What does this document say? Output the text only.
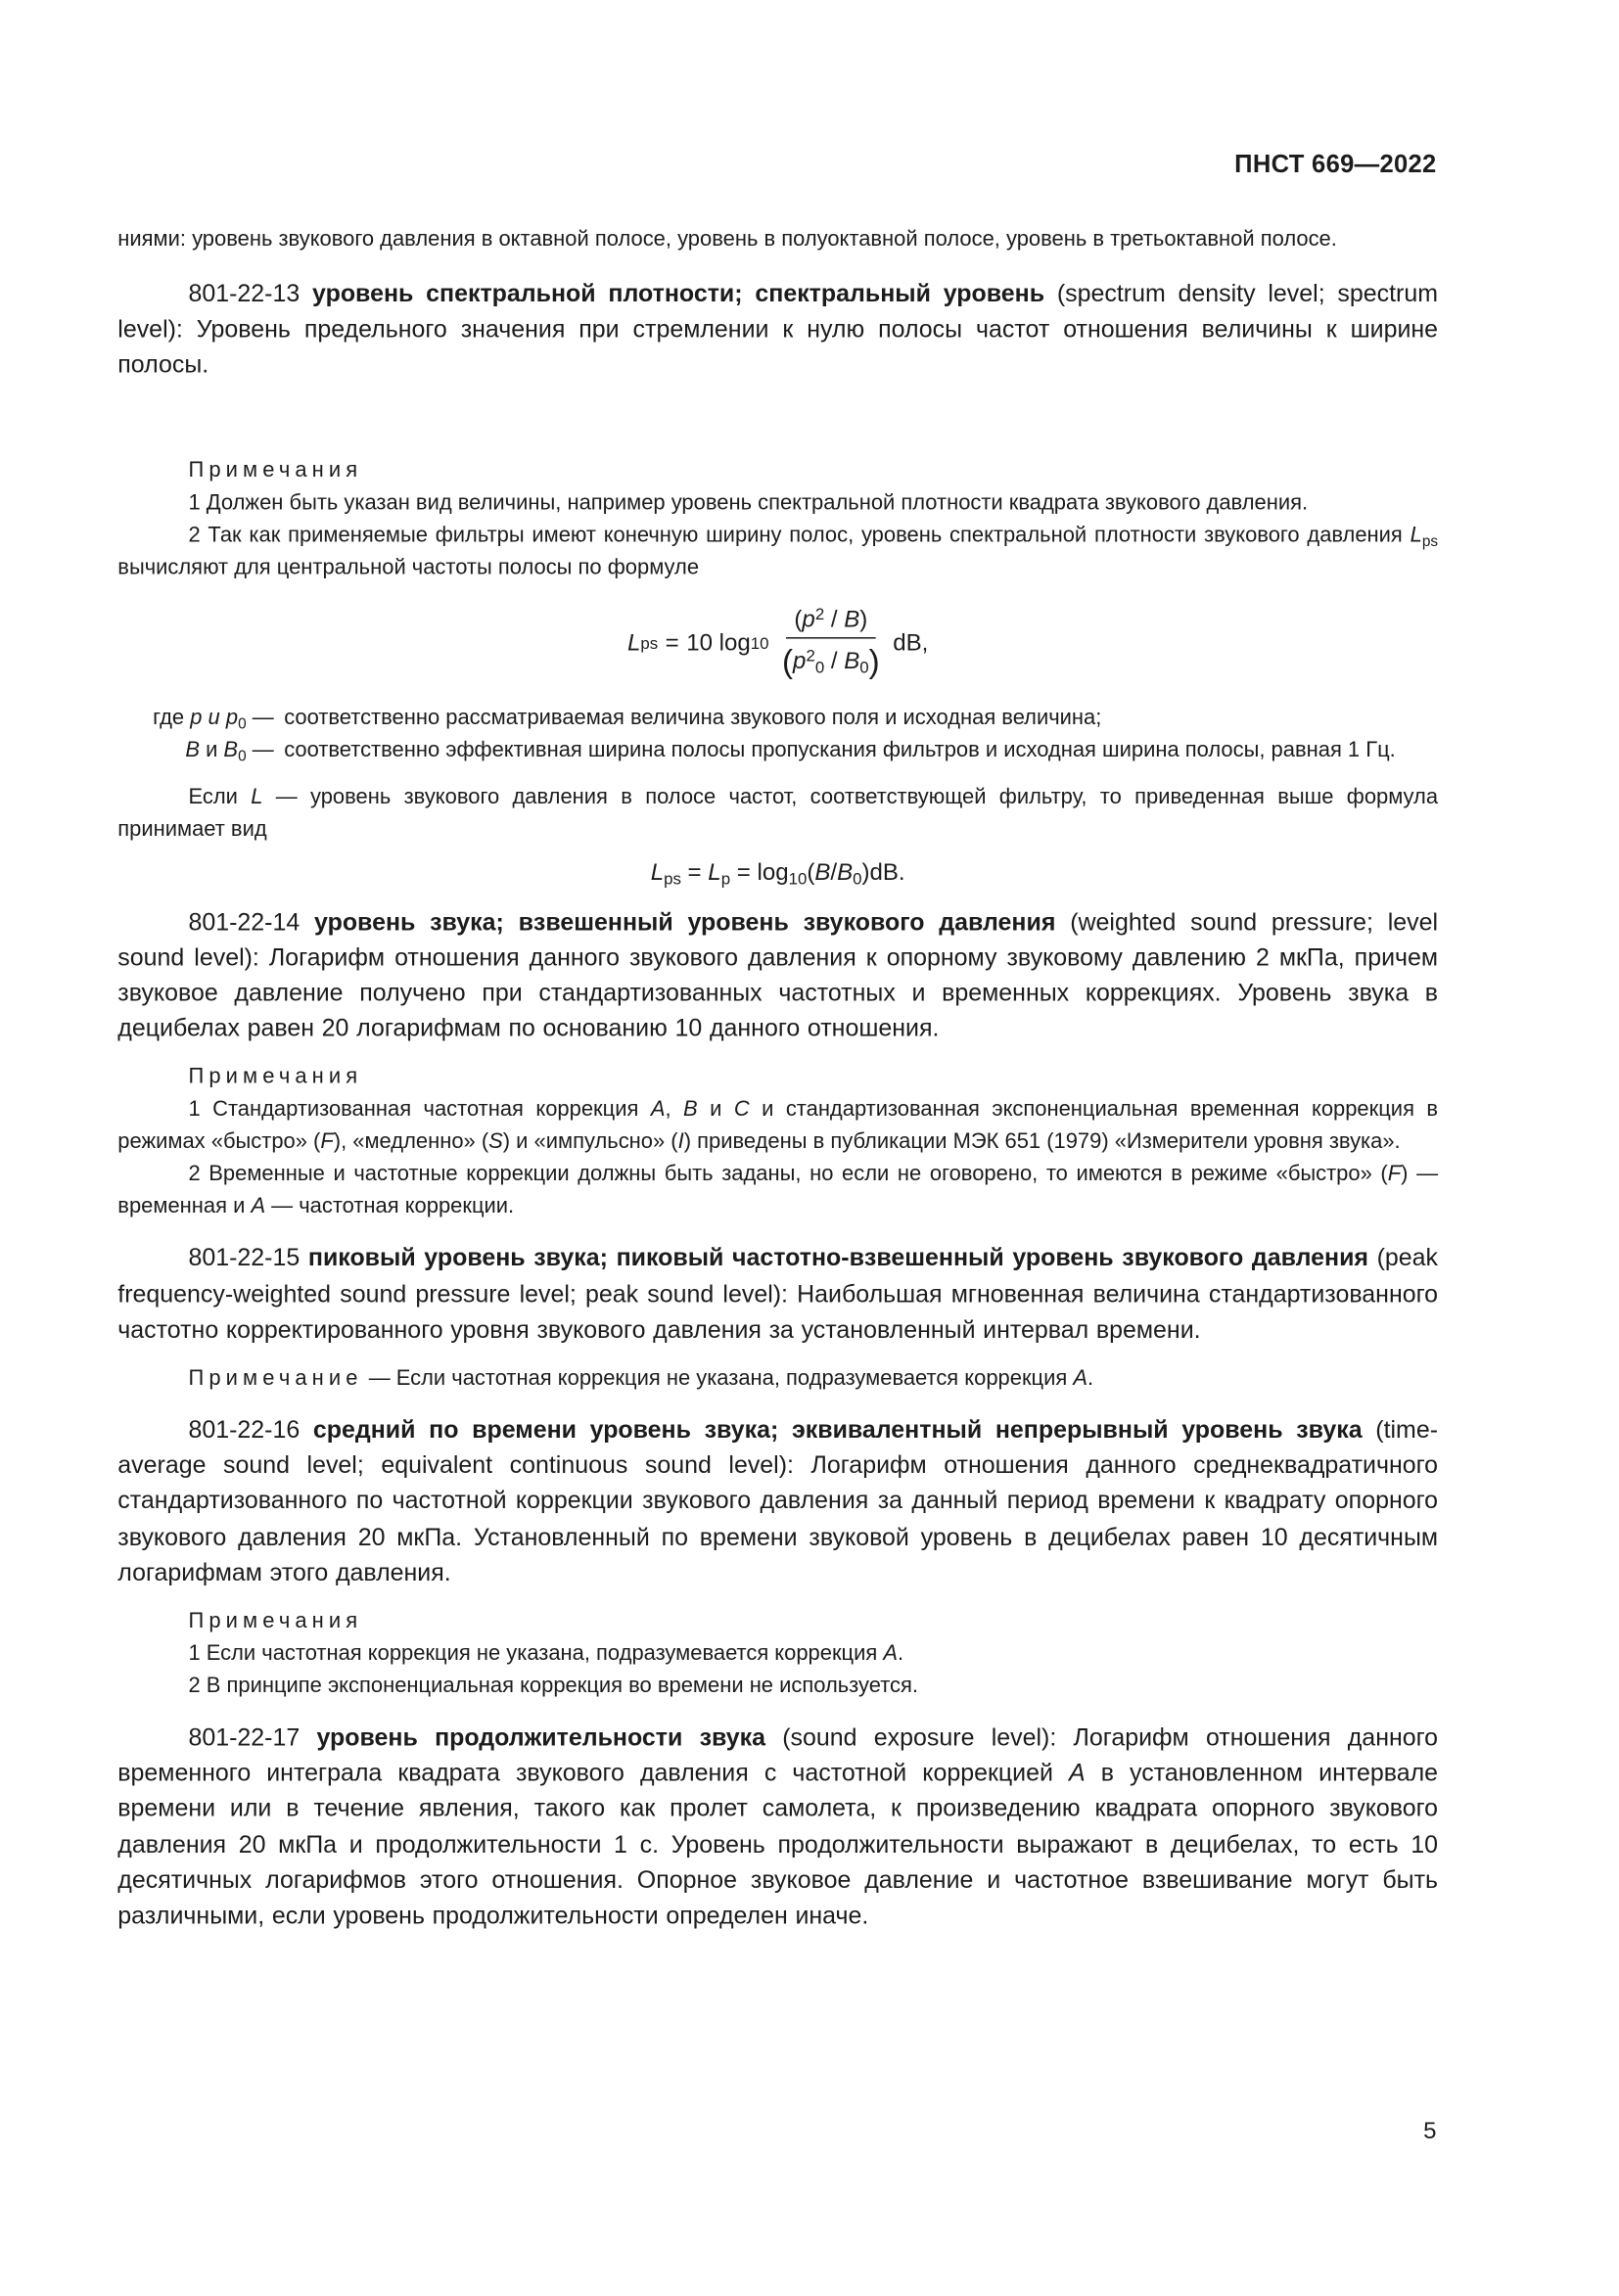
ПНСТ 669—2022

ниями: уровень звукового давления в октавной полосе, уровень в полуоктавной полосе, уровень в третьоктавной полосе.

801-22-13 уровень спектральной плотности; спектральный уровень (spectrum density level; spectrum level): Уровень предельного значения при стремлении к нулю полосы частот отношения величины к ширине полосы.

Примечания

1 Должен быть указан вид величины, например уровень спектральной плотности квадрата звукового давления.

2 Так как применяемые фильтры имеют конечную ширину полос, уровень спектральной плотности звукового давления $L_{ps}$ вычисляют для центральной частоты полосы по формуле

L ps = 10 $\log 10 \frac{(p^2 / B)}{(p^2_0 / B_0)}$ dB,
где p и $p_0$ — соответственно рассматриваемая величина звукового поля и исходная величина;
B и $B_0$ — соответственно эффективная ширина полосы пропускания фильтров и исходная ширина полосы, равная 1 Гц.

Если L — уровень звукового давления в полосе частот, соответствующей фильтру, то приведенная выше формула принимает вид

$L_{ps} = L_p = \log_{10}(B/B_0)dB$.

801-22-14 уровень звука; взвешенный уровень звукового давления (weighted sound pressure; level sound level): Логарифм отношения данного звукового давления к опорному звуковому давлению 2 мкПа, причем звуковое давление получено при стандартизованных частотных и временных коррекциях. Уровень звука в децибелах равен 20 логарифмам по основанию 10 данного отношения.

Примечания

1 Стандартизованная частотная коррекция A, B и C и стандартизованная экспоненциальная временная коррекция в режимах «быстро» (F), «медленно» (S) и «импульсно» (I) приведены в публикации МЭК 651 (1979) «Измерители уровня звука».

2 Временные и частотные коррекции должны быть заданы, но если не оговорено, то имеются в режиме «быстро» (F) — временная и A — частотная коррекции.

801-22-15 пиковый уровень звука; пиковый частотно-взвешенный уровень звукового давления (peak frequency-weighted sound pressure level; peak sound level): Наибольшая мгновенная величина стандартизованного частотно корректированного уровня звукового давления за установленный интервал времени.

Примечание — Если частотная коррекция не указана, подразумевается коррекция A.

801-22-16 средний по времени уровень звука; эквивалентный непрерывный уровень звука (time-average sound level; equivalent continuous sound level): Логарифм отношения данного среднеквадратичного стандартизованного по частотной коррекции звукового давления за данный период времени к квадрату опорного звукового давления 20 мкПа. Установленный по времени звуковой уровень в децибелах равен 10 десятичным логарифмам этого давления.

Примечания

1 Если частотная коррекция не указана, подразумевается коррекция A.

2 В принципе экспоненциальная коррекция во времени не используется.

801-22-17 уровень продолжительности звука (sound exposure level): Логарифм отношения данного временного интеграла квадрата звукового давления с частотной коррекцией A в установленном интервале времени или в течение явления, такого как пролет самолета, к произведению квадрата опорного звукового давления 20 мкПа и продолжительности 1 с. Уровень продолжительности выражают в децибелах, то есть 10 десятичных логарифмов этого отношения. Опорное звуковое давление и частотное взвешивание могут быть различными, если уровень продолжительности определен иначе.

5
